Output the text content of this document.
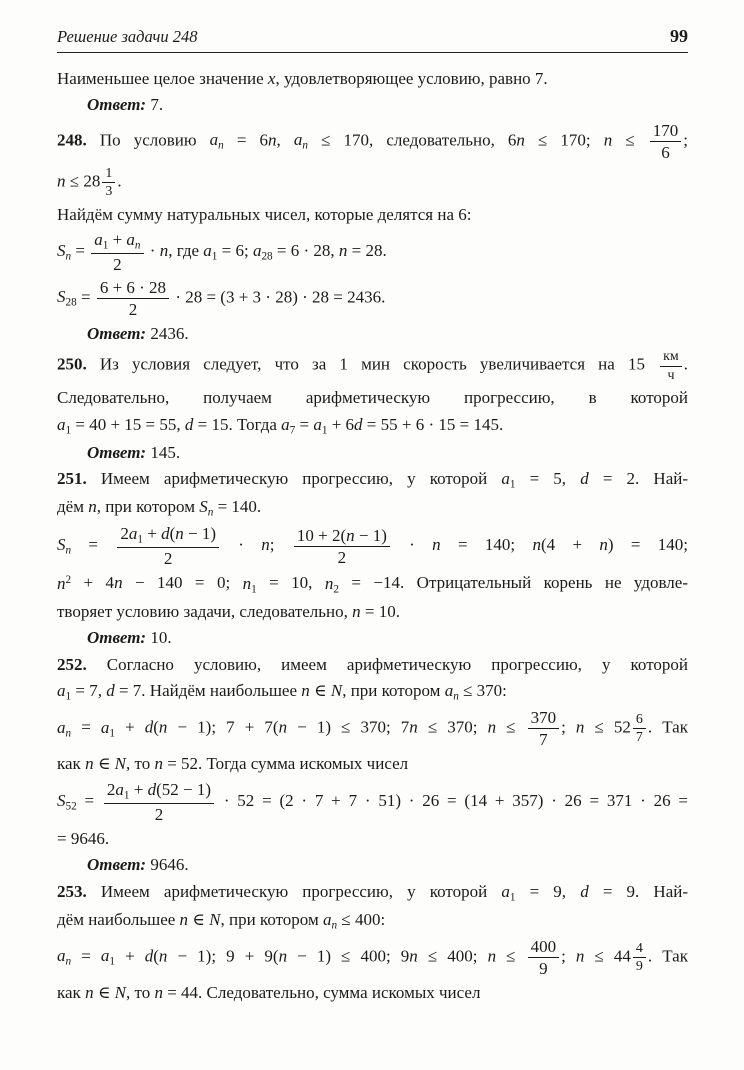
Решение задачи 248	99
Наименьшее целое значение x, удовлетворяющее условию, равно 7.
Ответ: 7.
248. По условию an = 6n, an ≤ 170, следовательно, 6n ≤ 170; $n \le \frac{170}{6}$ ;
$n \le 28 \frac{1}{3}$ .
Найдём сумму натуральных чисел, которые делятся на 6:
$Sn = \frac{a1 + an}{2} \cdot n$, где a1 = 6; a28 = 6 · 28, n = 28.
$S28 = \frac{6 + 6 \cdot 28}{2} \cdot 28 = (3 + 3 \cdot 28) \cdot 28 = 2436$.
Ответ: 2436.
250. Из условия следует, что за 1 мин скорость увеличивается на $15 \frac{км}{ч}$ .
Следовательно, получаем арифметическую прогрессию, в которой
a1 = 40 + 15 = 55, d = 15. Тогда a7 = a1 + 6d = 55 + 6 · 15 = 145.
Ответ: 145.
251. Имеем арифметическую прогрессию, у которой a1 = 5, d = 2. Най-
дём n, при котором Sn = 140.
$Sn = \frac{2a1 + d(n - 1)}{2} \cdot n$; $\frac{10 + 2(n - 1)}{2} \cdot n = 140$; n(4 + n) = 140;
$n^2 + 4n - 140 = 0$; n1 = 10, n2 = −14. Отрицательный корень не удовле-
творяет условию задачи, следовательно, n = 10.
Ответ: 10.
252. Согласно условию, имеем арифметическую прогрессию, у которой
a1 = 7, d = 7. Найдём наибольшее n ∈ N, при котором an ≤ 370:
an = a1 + d(n − 1); 7 + 7(n − 1) ≤ 370; 7n ≤ 370; $n \le \frac{370}{7}$ ; $n \le 52 \frac{6}{7}$ . Так
как n ∈ N, то n = 52. Тогда сумма искомых чисел
$S52 = \frac{2a1 + d(52 - 1)}{2} \cdot 52 = (2 \cdot 7 + 7 \cdot 51) \cdot 26 = (14 + 357) \cdot 26 = 371 \cdot 26$ =
= 9646.
Ответ: 9646.
253. Имеем арифметическую прогрессию, у которой a1 = 9, d = 9. Най-
дём наибольшее n ∈ N, при котором an ≤ 400:
an = a1 + d(n − 1); 9 + 9(n − 1) ≤ 400; 9n ≤ 400; $n \le \frac{400}{9}$ ; $n \le 44 \frac{4}{9}$ . Так
как n ∈ N, то n = 44. Следовательно, сумма искомых чисел
